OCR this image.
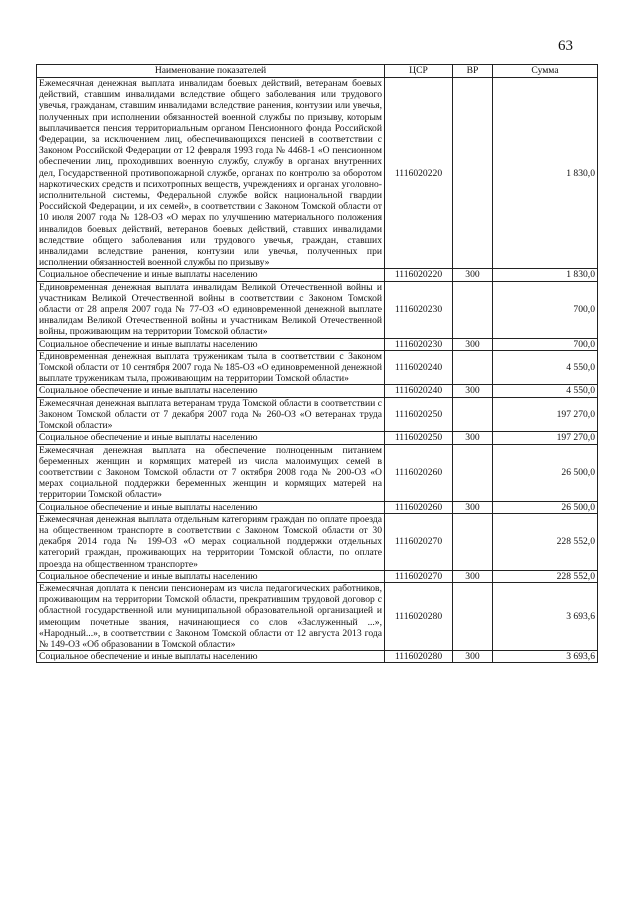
63
Наименование показателей	ЦСР	ВР	Сумма
Ежемесячная денежная выплата инвалидам боевых действий, ветеранам боевых действий, ставшим инвалидами вследствие общего заболевания или трудового увечья, гражданам, ставшим инвалидами вследствие ранения, контузии или увечья, полученных при исполнении обязанностей военной службы по призыву, которым выплачивается пенсия территориальным органом Пенсионного фонда Российской Федерации, за исключением лиц, обеспечивающихся пенсией в соответствии с Законом Российской Федерации от 12 февраля 1993 года № 4468-1 «О пенсионном обеспечении лиц, проходивших военную службу, службу в органах внутренних дел, Государственной противопожарной службе, органах по контролю за оборотом наркотических средств и психотропных веществ, учреждениях и органах уголовно-исполнительной системы, Федеральной службе войск национальной гвардии Российской Федерации, и их семей», в соответствии с Законом Томской области от 10 июля 2007 года № 128-ОЗ «О мерах по улучшению материального положения инвалидов боевых действий, ветеранов боевых действий, ставших инвалидами вследствие общего заболевания или трудового увечья, граждан, ставших инвалидами вследствие ранения, контузии или увечья, полученных при исполнении обязанностей военной службы по призыву»	1116020220		1 830,0
Социальное обеспечение и иные выплаты населению	1116020220	300	1 830,0
Единовременная денежная выплата инвалидам Великой Отечественной войны и участникам Великой Отечественной войны в соответствии с Законом Томской области от 28 апреля 2007 года № 77-ОЗ «О единовременной денежной выплате инвалидам Великой Отечественной войны и участникам Великой Отечественной войны, проживающим на территории Томской области»	1116020230		700,0
Социальное обеспечение и иные выплаты населению	1116020230	300	700,0
Единовременная денежная выплата труженикам тыла в соответствии с Законом Томской области от 10 сентября 2007 года № 185-ОЗ «О единовременной денежной выплате труженикам тыла, проживающим на территории Томской области»	1116020240		4 550,0
Социальное обеспечение и иные выплаты населению	1116020240	300	4 550,0
Ежемесячная денежная выплата ветеранам труда Томской области в соответствии с Законом Томской области от 7 декабря 2007 года № 260-ОЗ «О ветеранах труда Томской области»	1116020250		197 270,0
Социальное обеспечение и иные выплаты населению	1116020250	300	197 270,0
Ежемесячная денежная выплата на обеспечение полноценным питанием беременных женщин и кормящих матерей из числа малоимущих семей в соответствии с Законом Томской области от 7 октября 2008 года № 200-ОЗ «О мерах социальной поддержки беременных женщин и кормящих матерей на территории Томской области»	1116020260		26 500,0
Социальное обеспечение и иные выплаты населению	1116020260	300	26 500,0
Ежемесячная денежная выплата отдельным категориям граждан по оплате проезда на общественном транспорте в соответствии с Законом Томской области от 30 декабря 2014 года № 199-ОЗ «О мерах социальной поддержки отдельных категорий граждан, проживающих на территории Томской области, по оплате проезда на общественном транспорте»	1116020270		228 552,0
Социальное обеспечение и иные выплаты населению	1116020270	300	228 552,0
Ежемесячная доплата к пенсии пенсионерам из числа педагогических работников, проживающим на территории Томской области, прекратившим трудовой договор с областной государственной или муниципальной образовательной организацией и имеющим почетные звания, начинающиеся со слов «Заслуженный ...», «Народный...», в соответствии с Законом Томской области от 12 августа 2013 года № 149-ОЗ «Об образовании в Томской области»	1116020280		3 693,6
Социальное обеспечение и иные выплаты населению	1116020280	300	3 693,6
